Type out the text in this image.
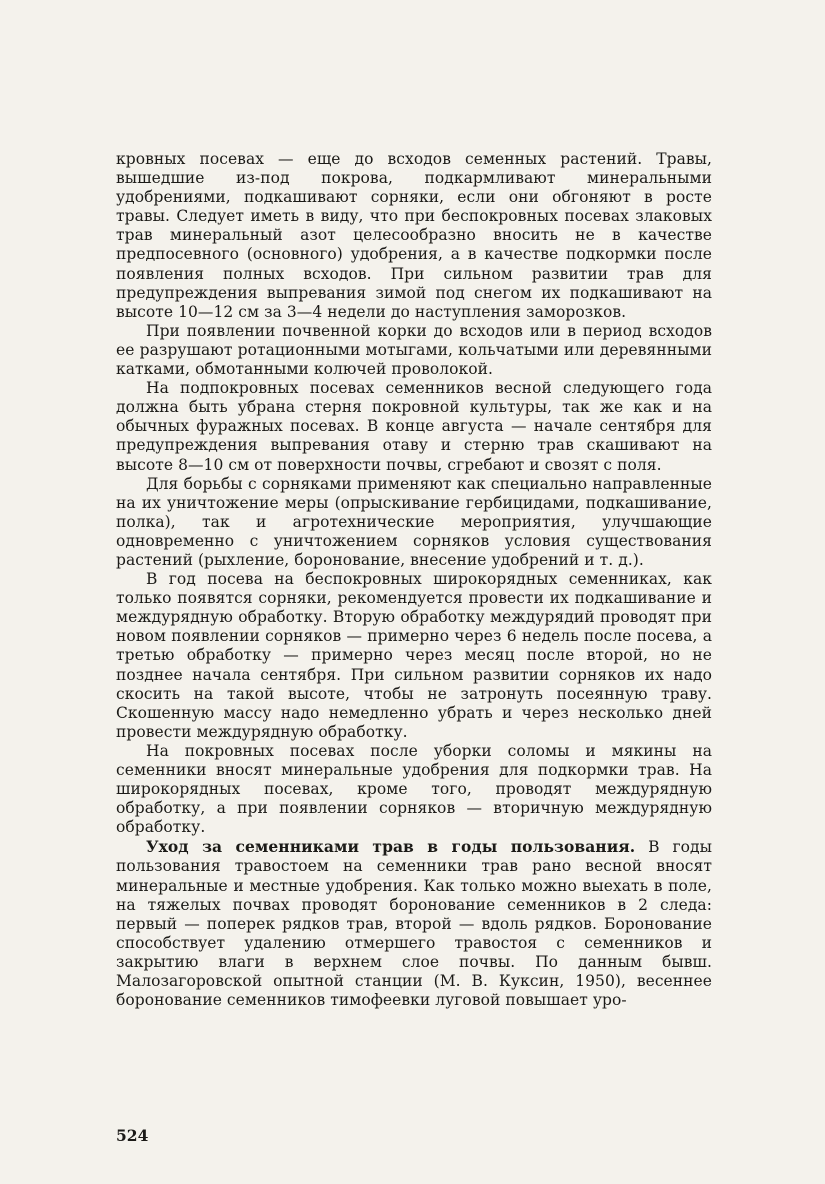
кровных посевах — еще до всходов семенных растений. Травы, вышедшие из-под покрова, подкармливают минеральными удобрениями, подкашивают сорняки, если они обгоняют в росте травы. Следует иметь в виду, что при беспокровных посевах злаковых трав минеральный азот целесообразно вносить не в качестве предпосевного (основного) удобрения, а в качестве подкормки после появления полных всходов. При сильном развитии трав для предупреждения выпревания зимой под снегом их подкашивают на высоте 10—12 см за 3—4 недели до наступления заморозков.

При появлении почвенной корки до всходов или в период всходов ее разрушают ротационными мотыгами, кольчатыми или деревянными катками, обмотанными колючей проволокой.

На подпокровных посевах семенников весной следующего года должна быть убрана стерня покровной культуры, так же как и на обычных фуражных посевах. В конце августа — начале сентября для предупреждения выпревания отаву и стерню трав скашивают на высоте 8—10 см от поверхности почвы, сгребают и свозят с поля.

Для борьбы с сорняками применяют как специально направленные на их уничтожение меры (опрыскивание гербицидами, подкашивание, полка), так и агротехнические мероприятия, улучшающие одновременно с уничтожением сорняков условия существования растений (рыхление, боронование, внесение удобрений и т. д.).

В год посева на беспокровных широкорядных семенниках, как только появятся сорняки, рекомендуется провести их подкашивание и междурядную обработку. Вторую обработку междурядий проводят при новом появлении сорняков — примерно через 6 недель после посева, а третью обработку — примерно через месяц после второй, но не позднее начала сентября. При сильном развитии сорняков их надо скосить на такой высоте, чтобы не затронуть посеянную траву. Скошенную массу надо немедленно убрать и через несколько дней провести междурядную обработку.

На покровных посевах после уборки соломы и мякины на семенники вносят минеральные удобрения для подкормки трав. На широкорядных посевах, кроме того, проводят междурядную обработку, а при появлении сорняков — вторичную междурядную обработку.

Уход за семенниками трав в годы пользования. В годы пользования травостоем на семенники трав рано весной вносят минеральные и местные удобрения. Как только можно выехать в поле, на тяжелых почвах проводят боронование семенников в 2 следа: первый — поперек рядков трав, второй — вдоль рядков. Боронование способствует удалению отмершего травостоя с семенников и закрытию влаги в верхнем слое почвы. По данным бывш. Малозагоровской опытной станции (М. В. Куксин, 1950), весеннее боронование семенников тимофеевки луговой повышает уро-

524
